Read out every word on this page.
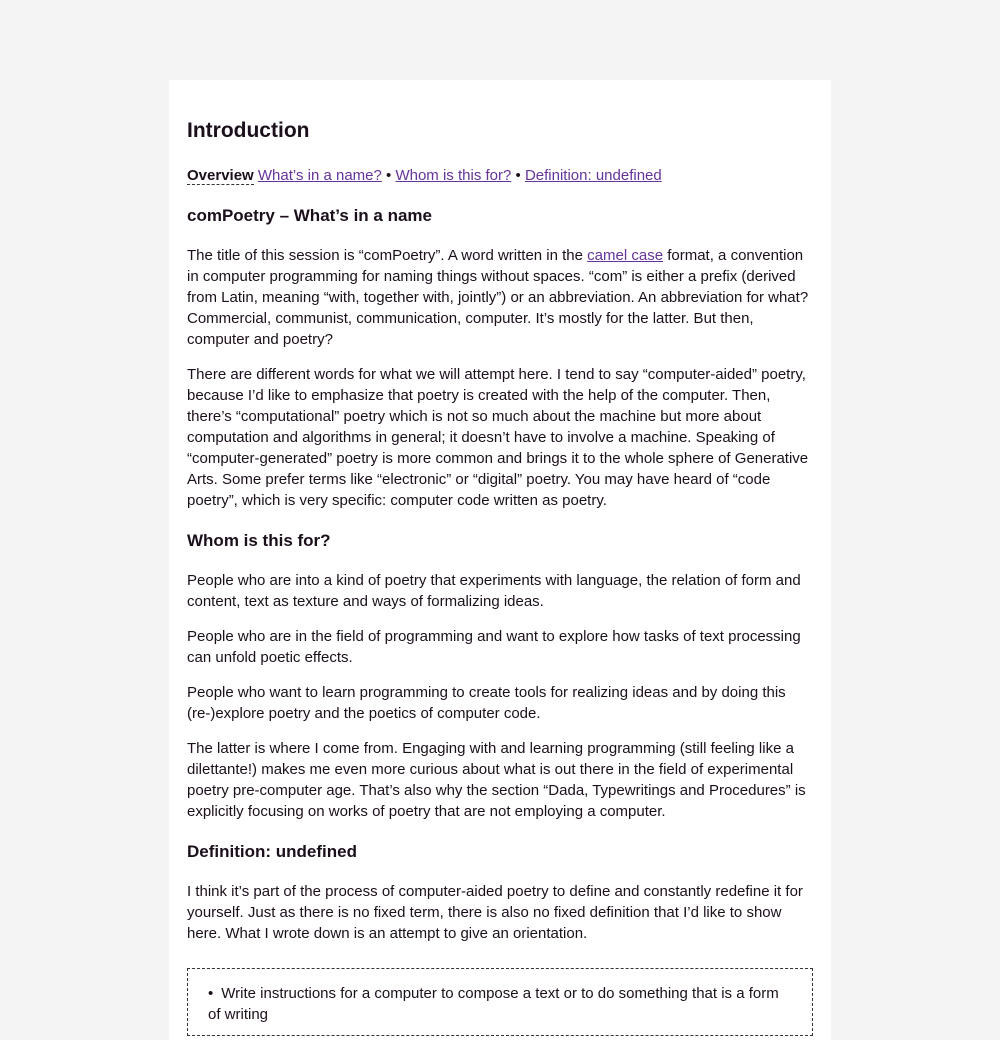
Introduction
Overview What’s in a name? • Whom is this for? • Definition: undefined
comPoetry – What’s in a name

The title of this session is “comPoetry”. A word written in the camel case format, a convention in computer programming for naming things without spaces. “com” is either a prefix (derived from Latin, meaning “with, together with, jointly”) or an abbreviation. An abbreviation for what? Commercial, communist, communication, computer. It’s mostly for the latter. But then, computer and poetry?

There are different words for what we will attempt here. I tend to say “computer-aided” poetry, because I’d like to emphasize that poetry is created with the help of the computer. Then, there’s “computational” poetry which is not so much about the machine but more about computation and algorithms in general; it doesn’t have to involve a machine. Speaking of “computer-generated” poetry is more common and brings it to the whole sphere of Generative Arts. Some prefer terms like “electronic” or “digital” poetry. You may have heard of “code poetry”, which is very specific: computer code written as poetry.

Whom is this for?

People who are into a kind of poetry that experiments with language, the relation of form and content, text as texture and ways of formalizing ideas.

People who are in the field of programming and want to explore how tasks of text processing can unfold poetic effects.

People who want to learn programming to create tools for realizing ideas and by doing this (re-)explore poetry and the poetics of computer code.

The latter is where I come from. Engaging with and learning programming (still feeling like a dilettante!) makes me even more curious about what is out there in the field of experimental poetry pre-computer age. That’s also why the section “Dada, Typewritings and Procedures” is explicitly focusing on works of poetry that are not employing a computer.

Definition: undefined

I think it’s part of the process of computer-aided poetry to define and constantly redefine it for yourself. Just as there is no fixed term, there is also no fixed definition that I’d like to show here. What I wrote down is an attempt to give an orientation.

• Write instructions for a computer to compose a text or to do something that is a form of writing
